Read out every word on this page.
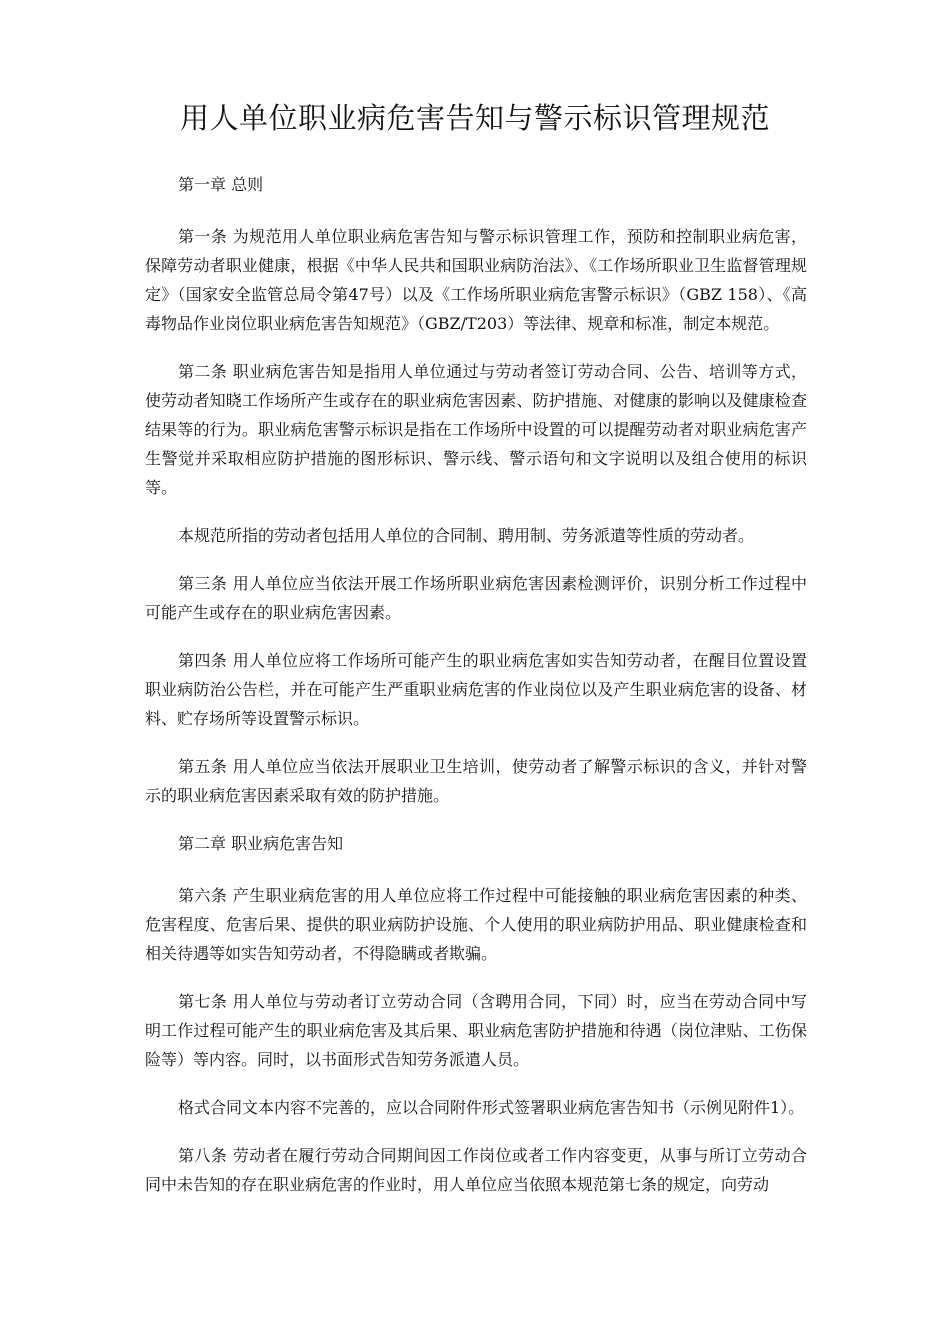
用人单位职业病危害告知与警示标识管理规范

第一章 总则

第一条 为规范用人单位职业病危害告知与警示标识管理工作，预防和控制职业病危害，保障劳动者职业健康，根据《中华人民共和国职业病防治法》、《工作场所职业卫生监督管理规定》（国家安全监管总局令第47号）以及《工作场所职业病危害警示标识》（GBZ 158）、《高毒物品作业岗位职业病危害告知规范》（GBZ/T203）等法律、规章和标准，制定本规范。

第二条 职业病危害告知是指用人单位通过与劳动者签订劳动合同、公告、培训等方式，使劳动者知晓工作场所产生或存在的职业病危害因素、防护措施、对健康的影响以及健康检查结果等的行为。职业病危害警示标识是指在工作场所中设置的可以提醒劳动者对职业病危害产生警觉并采取相应防护措施的图形标识、警示线、警示语句和文字说明以及组合使用的标识等。

本规范所指的劳动者包括用人单位的合同制、聘用制、劳务派遣等性质的劳动者。

第三条 用人单位应当依法开展工作场所职业病危害因素检测评价，识别分析工作过程中可能产生或存在的职业病危害因素。

第四条 用人单位应将工作场所可能产生的职业病危害如实告知劳动者，在醒目位置设置职业病防治公告栏，并在可能产生严重职业病危害的作业岗位以及产生职业病危害的设备、材料、贮存场所等设置警示标识。

第五条 用人单位应当依法开展职业卫生培训，使劳动者了解警示标识的含义，并针对警示的职业病危害因素采取有效的防护措施。

第二章 职业病危害告知

第六条 产生职业病危害的用人单位应将工作过程中可能接触的职业病危害因素的种类、危害程度、危害后果、提供的职业病防护设施、个人使用的职业病防护用品、职业健康检查和相关待遇等如实告知劳动者，不得隐瞒或者欺骗。

第七条 用人单位与劳动者订立劳动合同（含聘用合同，下同）时，应当在劳动合同中写明工作过程可能产生的职业病危害及其后果、职业病危害防护措施和待遇（岗位津贴、工伤保险等）等内容。同时，以书面形式告知劳务派遣人员。

格式合同文本内容不完善的，应以合同附件形式签署职业病危害告知书（示例见附件1）。

第八条 劳动者在履行劳动合同期间因工作岗位或者工作内容变更，从事与所订立劳动合同中未告知的存在职业病危害的作业时，用人单位应当依照本规范第七条的规定，向劳动
